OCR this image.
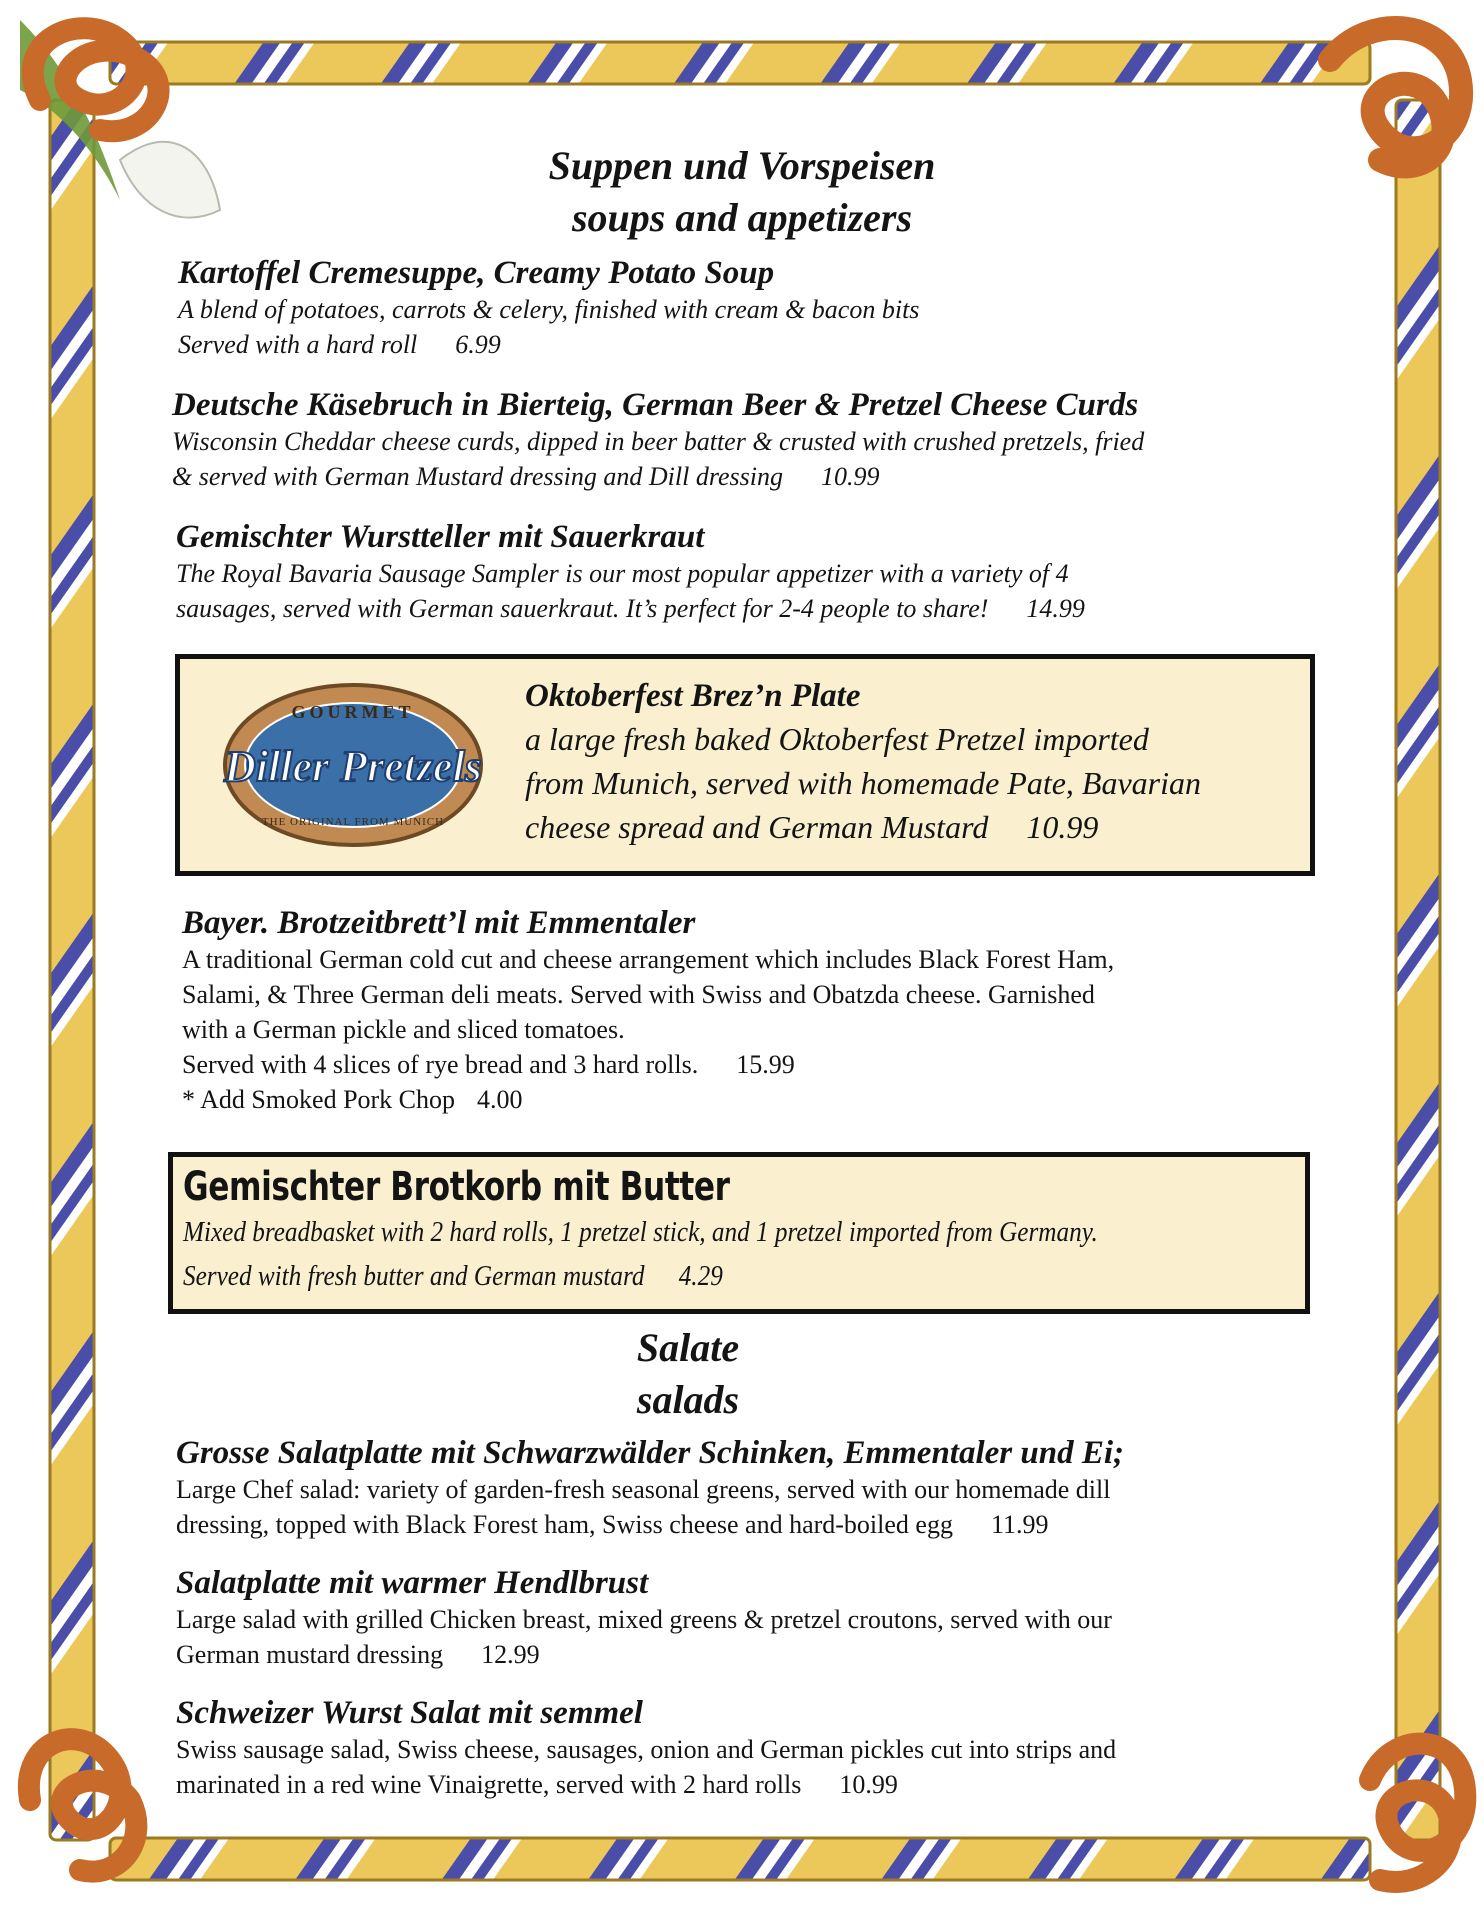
Suppen und Vorspeisen
soups and appetizers
Kartoffel Cremesuppe, Creamy Potato Soup
A blend of potatoes, carrots & celery, finished with cream & bacon bits
Served with a hard roll 6.99
Deutsche Käsebruch in Bierteig, German Beer & Pretzel Cheese Curds
Wisconsin Cheddar cheese curds, dipped in beer batter & crusted with crushed pretzels, fried
& served with German Mustard dressing and Dill dressing 10.99
Gemischter Wurstteller mit Sauerkraut
The Royal Bavaria Sausage Sampler is our most popular appetizer with a variety of 4
sausages, served with German sauerkraut. It’s perfect for 2-4 people to share! 14.99
GOURMET
Diller Pretzels
THE ORIGINAL FROM MUNICH
Oktoberfest Brez’n Plate
a large fresh baked Oktoberfest Pretzel imported
from Munich, served with homemade Pate, Bavarian
cheese spread and German Mustard 10.99
Bayer. Brotzeitbrett’l mit Emmentaler
A traditional German cold cut and cheese arrangement which includes Black Forest Ham,
Salami, & Three German deli meats. Served with Swiss and Obatzda cheese. Garnished
with a German pickle and sliced tomatoes.
Served with 4 slices of rye bread and 3 hard rolls. 15.99
* Add Smoked Pork Chop 4.00
Gemischter Brotkorb mit Butter
Mixed breadbasket with 2 hard rolls, 1 pretzel stick, and 1 pretzel imported from Germany.
Served with fresh butter and German mustard 4.29
Salate
salads
Grosse Salatplatte mit Schwarzwälder Schinken, Emmentaler und Ei;
Large Chef salad: variety of garden-fresh seasonal greens, served with our homemade dill
dressing, topped with Black Forest ham, Swiss cheese and hard-boiled egg 11.99
Salatplatte mit warmer Hendlbrust
Large salad with grilled Chicken breast, mixed greens & pretzel croutons, served with our
German mustard dressing 12.99
Schweizer Wurst Salat mit semmel
Swiss sausage salad, Swiss cheese, sausages, onion and German pickles cut into strips and
marinated in a red wine Vinaigrette, served with 2 hard rolls 10.99
